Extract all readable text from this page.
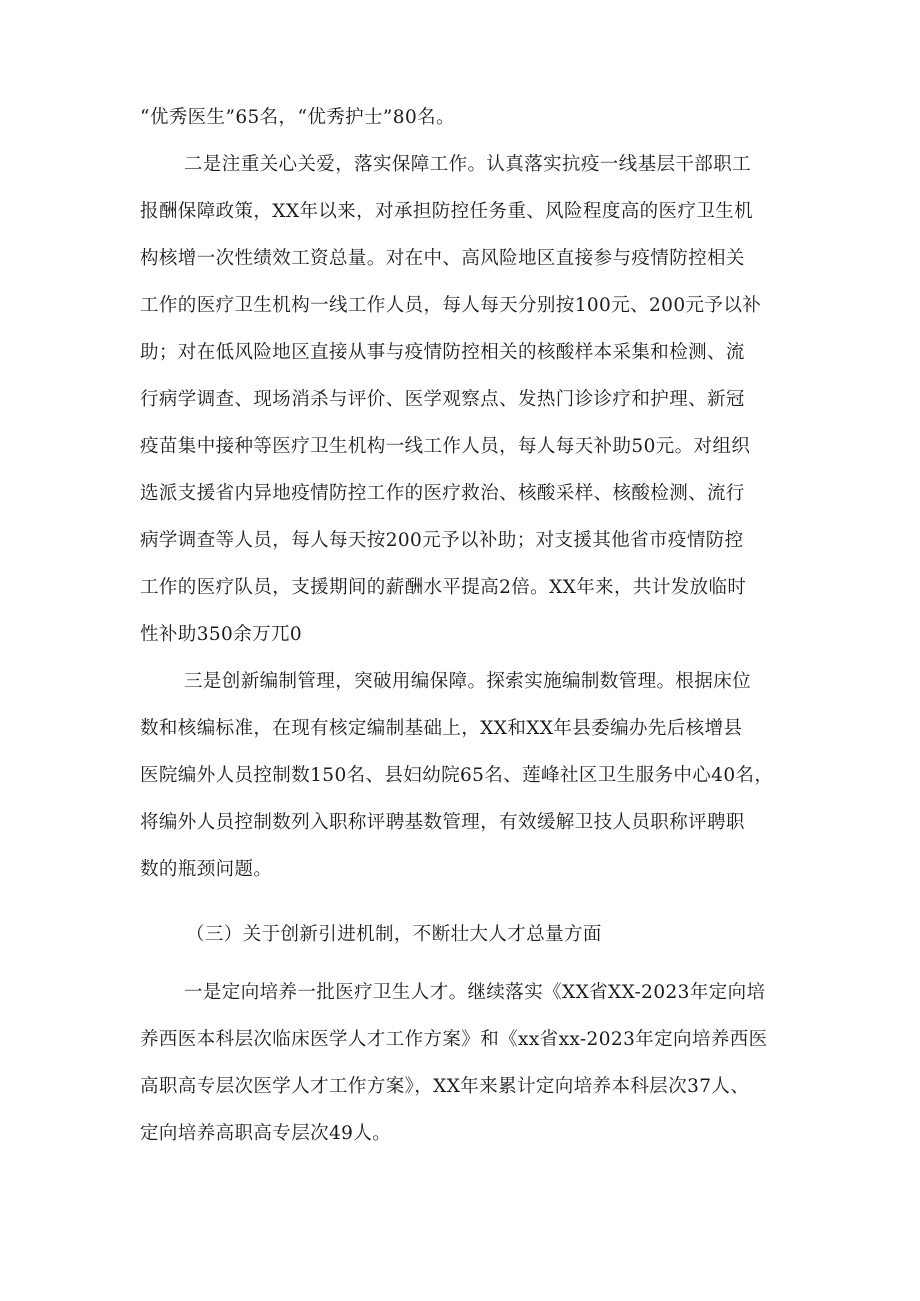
“优秀医生”65名，“优秀护士”80名。
二是注重关心关爱，落实保障工作。认真落实抗疫一线基层干部职工
报酬保障政策，XX年以来，对承担防控任务重、风险程度高的医疗卫生机
构核增一次性绩效工资总量。对在中、高风险地区直接参与疫情防控相关
工作的医疗卫生机构一线工作人员，每人每天分别按100元、200元予以补
助；对在低风险地区直接从事与疫情防控相关的核酸样本采集和检测、流
行病学调查、现场消杀与评价、医学观察点、发热门诊诊疗和护理、新冠
疫苗集中接种等医疗卫生机构一线工作人员，每人每天补助50元。对组织
选派支援省内异地疫情防控工作的医疗救治、核酸采样、核酸检测、流行
病学调查等人员，每人每天按200元予以补助；对支援其他省市疫情防控
工作的医疗队员，支援期间的薪酬水平提高2倍。XX年来，共计发放临时
性补助350余万兀0
三是创新编制管理，突破用编保障。探索实施编制数管理。根据床位
数和核编标准，在现有核定编制基础上，XX和XX年县委编办先后核增县
医院编外人员控制数150名、县妇幼院65名、莲峰社区卫生服务中心40名，
将编外人员控制数列入职称评聘基数管理，有效缓解卫技人员职称评聘职
数的瓶颈问题。
（三）关于创新引进机制，不断壮大人才总量方面
一是定向培养一批医疗卫生人才。继续落实《XX省XX-2023年定向培
养西医本科层次临床医学人才工作方案》和《xx省xx-2023年定向培养西医
高职高专层次医学人才工作方案》，XX年来累计定向培养本科层次37人、
定向培养高职高专层次49人。
